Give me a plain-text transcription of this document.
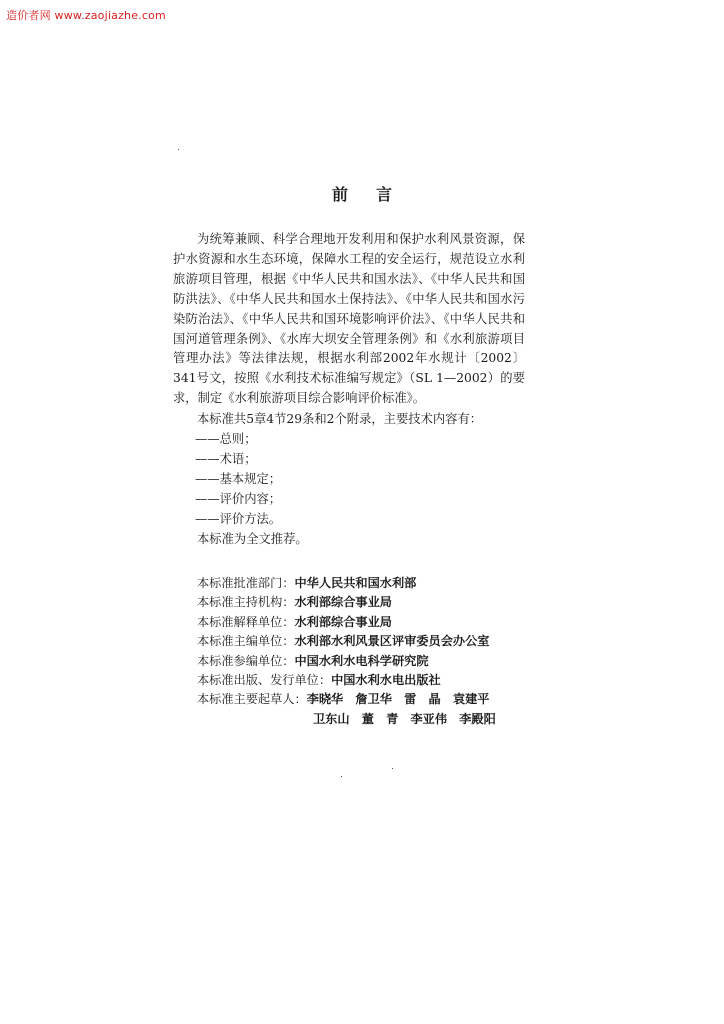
造价者网 www.zaojiazhe.com
前言

为统筹兼顾、科学合理地开发利用和保护水利风景资源，保护水资源和水生态环境，保障水工程的安全运行，规范设立水利旅游项目管理，根据《中华人民共和国水法》、《中华人民共和国防洪法》、《中华人民共和国水土保持法》、《中华人民共和国水污染防治法》、《中华人民共和国环境影响评价法》、《中华人民共和国河道管理条例》、《水库大坝安全管理条例》和《水利旅游项目管理办法》等法律法规，根据水利部2002年水规计〔2002〕341号文，按照《水利技术标准编写规定》（SL 1—2002）的要求，制定《水利旅游项目综合影响评价标准》。

本标准共5章4节29条和2个附录，主要技术内容有：
——总则；
——术语；
——基本规定；
——评价内容；
——评价方法。
本标准为全文推荐。
本标准批准部门：中华人民共和国水利部
本标准主持机构：水利部综合事业局
本标准解释单位：水利部综合事业局
本标准主编单位：水利部水利风景区评审委员会办公室
本标准参编单位：中国水利水电科学研究院
本标准出版、发行单位：中国水利水电出版社
本标准主要起草人：李晓华　詹卫华　雷　晶　袁建平
卫东山　董　青　李亚伟　李殿阳
